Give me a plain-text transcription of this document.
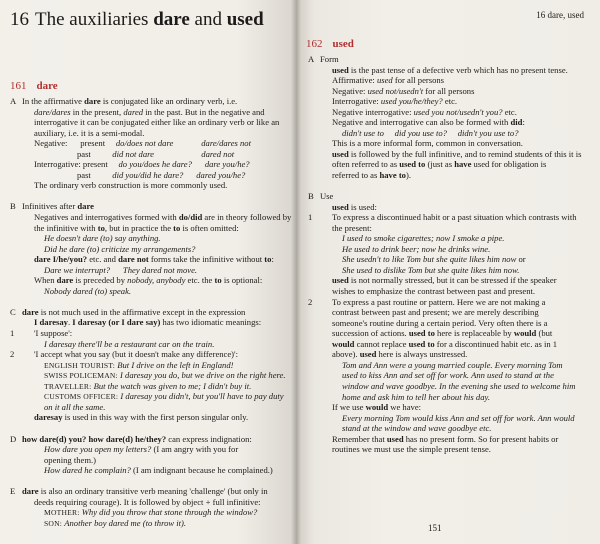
16 The auxiliaries dare and used
161 dare
A In the affirmative dare is conjugated like an ordinary verb, i.e.
dare/dares in the present, dared in the past. But in the negative and
interrogative it can be conjugated either like an ordinary verb or like an
auxiliary, i.e. it is a semi-modal.
Negative:      present     do/does not dare	dare/dares not
past          did not dare	dared not
Interrogative: present     do you/does he dare? dare you/he?
past          did you/did he dare? dared you/he?
The ordinary verb construction is more commonly used.

B Infinitives after dare
Negatives and interrogatives formed with do/did are in theory followed by
the infinitive with to, but in practice the to is often omitted:
He doesn't dare (to) say anything.
Did he dare (to) criticize my arrangements?
dare I/he/you? etc. and dare not forms take the infinitive without to:
Dare we interrupt?      They dared not move.
When dare is preceded by nobody, anybody etc. the to is optional:
Nobody dared (to) speak.

C dare is not much used in the affirmative except in the expression
I daresay. I daresay (or I dare say) has two idiomatic meanings:
1 'I suppose':
I daresay there'll be a restaurant car on the train.
2 'I accept what you say (but it doesn't make any difference)':
ENGLISH TOURIST: But I drive on the left in England!
SWISS POLICEMAN: I daresay you do, but we drive on the right here.
TRAVELLER: But the watch was given to me; I didn't buy it.
CUSTOMS OFFICER: I daresay you didn't, but you'll have to pay duty
on it all the same.
daresay is used in this way with the first person singular only.

D how dare(d) you? how dare(d) he/they? can express indignation:
How dare you open my letters? (I am angry with you for
opening them.)
How dared he complain? (I am indignant because he complained.)

E dare is also an ordinary transitive verb meaning 'challenge' (but only in
deeds requiring courage). It is followed by object + full infinitive:
MOTHER: Why did you throw that stone through the window?
SON: Another boy dared me (to throw it).
16 dare, used
162 used
A Form
used is the past tense of a defective verb which has no present tense.
Affirmative: used for all persons
Negative: used not/usedn't for all persons
Interrogative: used you/he/they? etc.
Negative interrogative: used you not/usedn't you? etc.
Negative and interrogative can also be formed with did:
didn't use to     did you use to?     didn't you use to?
This is a more informal form, common in conversation.
used is followed by the full infinitive, and to remind students of this it is
often referred to as used to (just as have used for obligation is
referred to as have to).

B Use
used is used:
1 To express a discontinued habit or a past situation which contrasts with
the present:
I used to smoke cigarettes; now I smoke a pipe.
He used to drink beer; now he drinks wine.
She usedn't to like Tom but she quite likes him now or
She used to dislike Tom but she quite likes him now.
used is not normally stressed, but it can be stressed if the speaker
wishes to emphasize the contrast between past and present.
2 To express a past routine or pattern. Here we are not making a
contrast between past and present; we are merely describing
someone's routine during a certain period. Very often there is a
succession of actions. used to here is replaceable by would (but
would cannot replace used to for a discontinued habit etc. as in 1
above). used here is always unstressed.
Tom and Ann were a young married couple. Every morning Tom
used to kiss Ann and set off for work. Ann used to stand at the
window and wave goodbye. In the evening she used to welcome him
home and ask him to tell her about his day.
If we use would we have:
Every morning Tom would kiss Ann and set off for work. Ann would
stand at the window and wave goodbye etc.
Remember that used has no present form. So for present habits or
routines we must use the simple present tense.
151
